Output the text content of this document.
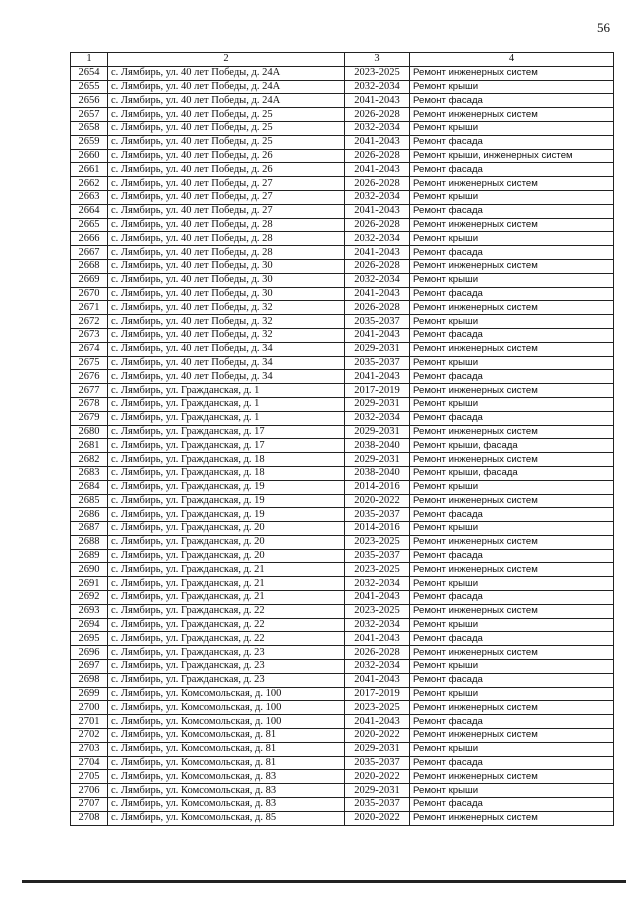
56
1	2	3	4
2654	с. Лямбирь, ул. 40 лет Победы, д. 24А	2023-2025	Ремонт инженерных систем
2655	с. Лямбирь, ул. 40 лет Победы, д. 24А	2032-2034	Ремонт крыши
2656	с. Лямбирь, ул. 40 лет Победы, д. 24А	2041-2043	Ремонт фасада
2657	с. Лямбирь, ул. 40 лет Победы, д. 25	2026-2028	Ремонт инженерных систем
2658	с. Лямбирь, ул. 40 лет Победы, д. 25	2032-2034	Ремонт крыши
2659	с. Лямбирь, ул. 40 лет Победы, д. 25	2041-2043	Ремонт фасада
2660	с. Лямбирь, ул. 40 лет Победы, д. 26	2026-2028	Ремонт крыши, инженерных систем
2661	с. Лямбирь, ул. 40 лет Победы, д. 26	2041-2043	Ремонт фасада
2662	с. Лямбирь, ул. 40 лет Победы, д. 27	2026-2028	Ремонт инженерных систем
2663	с. Лямбирь, ул. 40 лет Победы, д. 27	2032-2034	Ремонт крыши
2664	с. Лямбирь, ул. 40 лет Победы, д. 27	2041-2043	Ремонт фасада
2665	с. Лямбирь, ул. 40 лет Победы, д. 28	2026-2028	Ремонт инженерных систем
2666	с. Лямбирь, ул. 40 лет Победы, д. 28	2032-2034	Ремонт крыши
2667	с. Лямбирь, ул. 40 лет Победы, д. 28	2041-2043	Ремонт фасада
2668	с. Лямбирь, ул. 40 лет Победы, д. 30	2026-2028	Ремонт инженерных систем
2669	с. Лямбирь, ул. 40 лет Победы, д. 30	2032-2034	Ремонт крыши
2670	с. Лямбирь, ул. 40 лет Победы, д. 30	2041-2043	Ремонт фасада
2671	с. Лямбирь, ул. 40 лет Победы, д. 32	2026-2028	Ремонт инженерных систем
2672	с. Лямбирь, ул. 40 лет Победы, д. 32	2035-2037	Ремонт крыши
2673	с. Лямбирь, ул. 40 лет Победы, д. 32	2041-2043	Ремонт фасада
2674	с. Лямбирь, ул. 40 лет Победы, д. 34	2029-2031	Ремонт инженерных систем
2675	с. Лямбирь, ул. 40 лет Победы, д. 34	2035-2037	Ремонт крыши
2676	с. Лямбирь, ул. 40 лет Победы, д. 34	2041-2043	Ремонт фасада
2677	с. Лямбирь, ул. Гражданская, д. 1	2017-2019	Ремонт инженерных систем
2678	с. Лямбирь, ул. Гражданская, д. 1	2029-2031	Ремонт крыши
2679	с. Лямбирь, ул. Гражданская, д. 1	2032-2034	Ремонт фасада
2680	с. Лямбирь, ул. Гражданская, д. 17	2029-2031	Ремонт инженерных систем
2681	с. Лямбирь, ул. Гражданская, д. 17	2038-2040	Ремонт крыши, фасада
2682	с. Лямбирь, ул. Гражданская, д. 18	2029-2031	Ремонт инженерных систем
2683	с. Лямбирь, ул. Гражданская, д. 18	2038-2040	Ремонт крыши, фасада
2684	с. Лямбирь, ул. Гражданская, д. 19	2014-2016	Ремонт крыши
2685	с. Лямбирь, ул. Гражданская, д. 19	2020-2022	Ремонт инженерных систем
2686	с. Лямбирь, ул. Гражданская, д. 19	2035-2037	Ремонт фасада
2687	с. Лямбирь, ул. Гражданская, д. 20	2014-2016	Ремонт крыши
2688	с. Лямбирь, ул. Гражданская, д. 20	2023-2025	Ремонт инженерных систем
2689	с. Лямбирь, ул. Гражданская, д. 20	2035-2037	Ремонт фасада
2690	с. Лямбирь, ул. Гражданская, д. 21	2023-2025	Ремонт инженерных систем
2691	с. Лямбирь, ул. Гражданская, д. 21	2032-2034	Ремонт крыши
2692	с. Лямбирь, ул. Гражданская, д. 21	2041-2043	Ремонт фасада
2693	с. Лямбирь, ул. Гражданская, д. 22	2023-2025	Ремонт инженерных систем
2694	с. Лямбирь, ул. Гражданская, д. 22	2032-2034	Ремонт крыши
2695	с. Лямбирь, ул. Гражданская, д. 22	2041-2043	Ремонт фасада
2696	с. Лямбирь, ул. Гражданская, д. 23	2026-2028	Ремонт инженерных систем
2697	с. Лямбирь, ул. Гражданская, д. 23	2032-2034	Ремонт крыши
2698	с. Лямбирь, ул. Гражданская, д. 23	2041-2043	Ремонт фасада
2699	с. Лямбирь, ул. Комсомольская, д. 100	2017-2019	Ремонт крыши
2700	с. Лямбирь, ул. Комсомольская, д. 100	2023-2025	Ремонт инженерных систем
2701	с. Лямбирь, ул. Комсомольская, д. 100	2041-2043	Ремонт фасада
2702	с. Лямбирь, ул. Комсомольская, д. 81	2020-2022	Ремонт инженерных систем
2703	с. Лямбирь, ул. Комсомольская, д. 81	2029-2031	Ремонт крыши
2704	с. Лямбирь, ул. Комсомольская, д. 81	2035-2037	Ремонт фасада
2705	с. Лямбирь, ул. Комсомольская, д. 83	2020-2022	Ремонт инженерных систем
2706	с. Лямбирь, ул. Комсомольская, д. 83	2029-2031	Ремонт крыши
2707	с. Лямбирь, ул. Комсомольская, д. 83	2035-2037	Ремонт фасада
2708	с. Лямбирь, ул. Комсомольская, д. 85	2020-2022	Ремонт инженерных систем
